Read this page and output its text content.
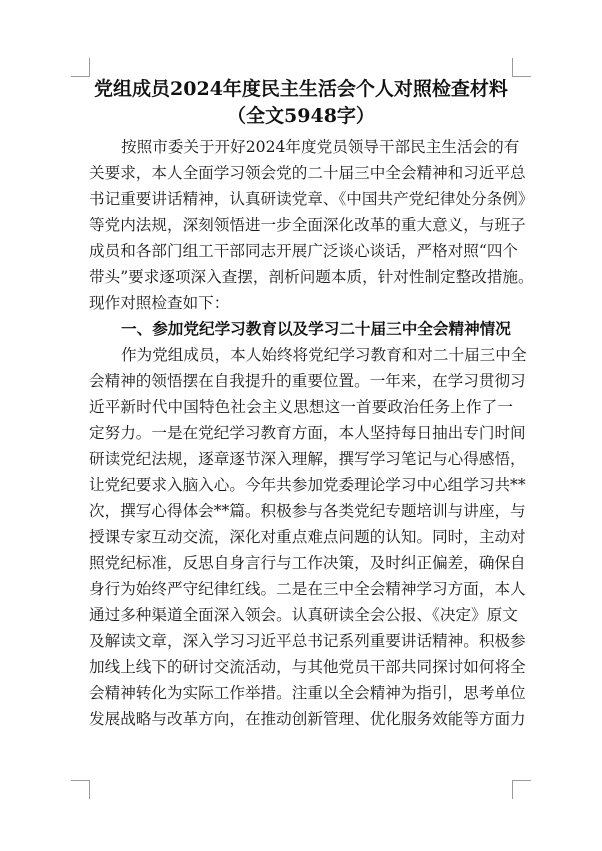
党组成员2024年度民主生活会个人对照检查材料
（全文5948字）
按照市委关于开好2024年度党员领导干部民主生活会的有
关要求，本人全面学习领会党的二十届三中全会精神和习近平总
书记重要讲话精神，认真研读党章、《中国共产党纪律处分条例》
等党内法规，深刻领悟进一步全面深化改革的重大意义，与班子
成员和各部门组工干部同志开展广泛谈心谈话，严格对照“四个
带头”要求逐项深入查摆，剖析问题本质，针对性制定整改措施。
现作对照检查如下：
一、参加党纪学习教育以及学习二十届三中全会精神情况
作为党组成员，本人始终将党纪学习教育和对二十届三中全
会精神的领悟摆在自我提升的重要位置。一年来，在学习贯彻习
近平新时代中国特色社会主义思想这一首要政治任务上作了一
定努力。一是在党纪学习教育方面，本人坚持每日抽出专门时间
研读党纪法规，逐章逐节深入理解，撰写学习笔记与心得感悟，
让党纪要求入脑入心。今年共参加党委理论学习中心组学习共**
次，撰写心得体会**篇。积极参与各类党纪专题培训与讲座，与
授课专家互动交流，深化对重点难点问题的认知。同时，主动对
照党纪标准，反思自身言行与工作决策，及时纠正偏差，确保自
身行为始终严守纪律红线。二是在三中全会精神学习方面，本人
通过多种渠道全面深入领会。认真研读全会公报、《决定》原文
及解读文章，深入学习习近平总书记系列重要讲话精神。积极参
加线上线下的研讨交流活动，与其他党员干部共同探讨如何将全
会精神转化为实际工作举措。注重以全会精神为指引，思考单位
发展战略与改革方向，在推动创新管理、优化服务效能等方面力
